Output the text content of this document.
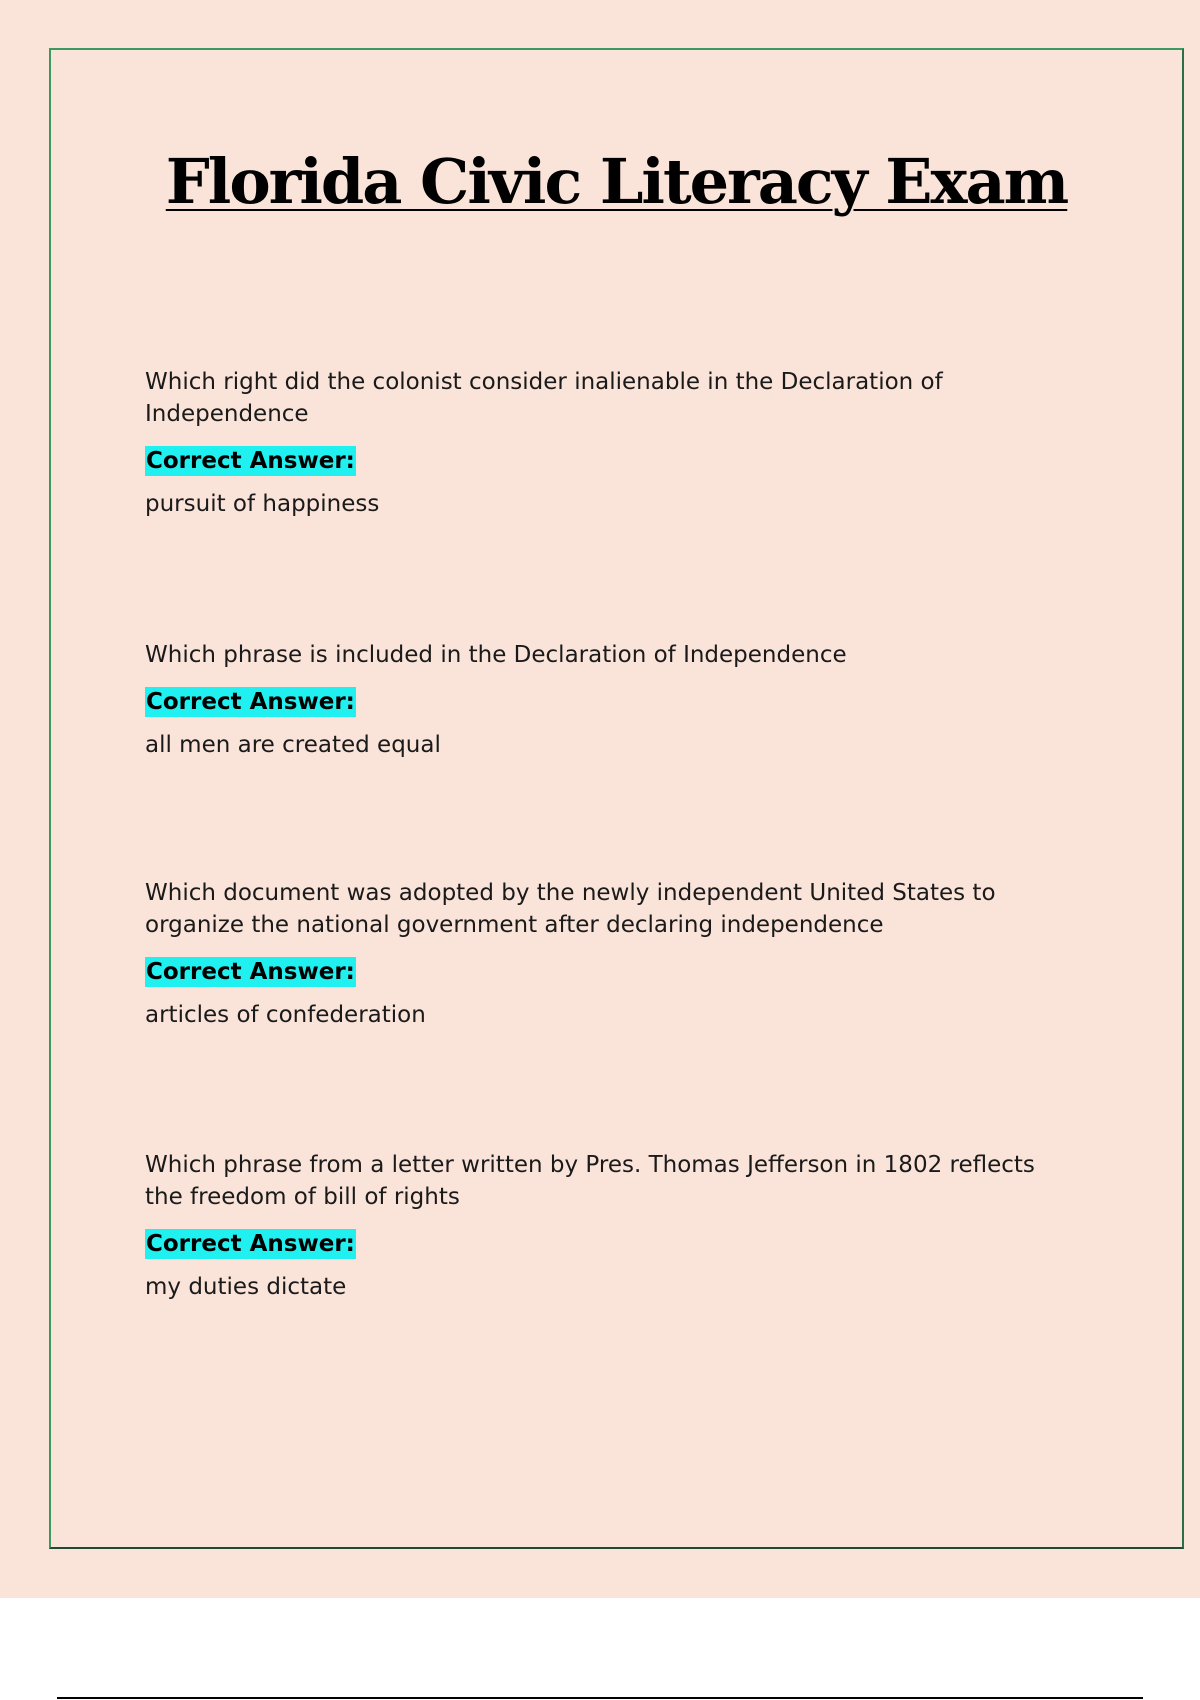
Florida Civic Literacy Exam

Which right did the colonist consider inalienable in the Declaration of Independence

Correct Answer:

pursuit of happiness

Which phrase is included in the Declaration of Independence

Correct Answer:

all men are created equal

Which document was adopted by the newly independent United States to organize the national government after declaring independence

Correct Answer:

articles of confederation

Which phrase from a letter written by Pres. Thomas Jefferson in 1802 reflects the freedom of bill of rights

Correct Answer:

my duties dictate
